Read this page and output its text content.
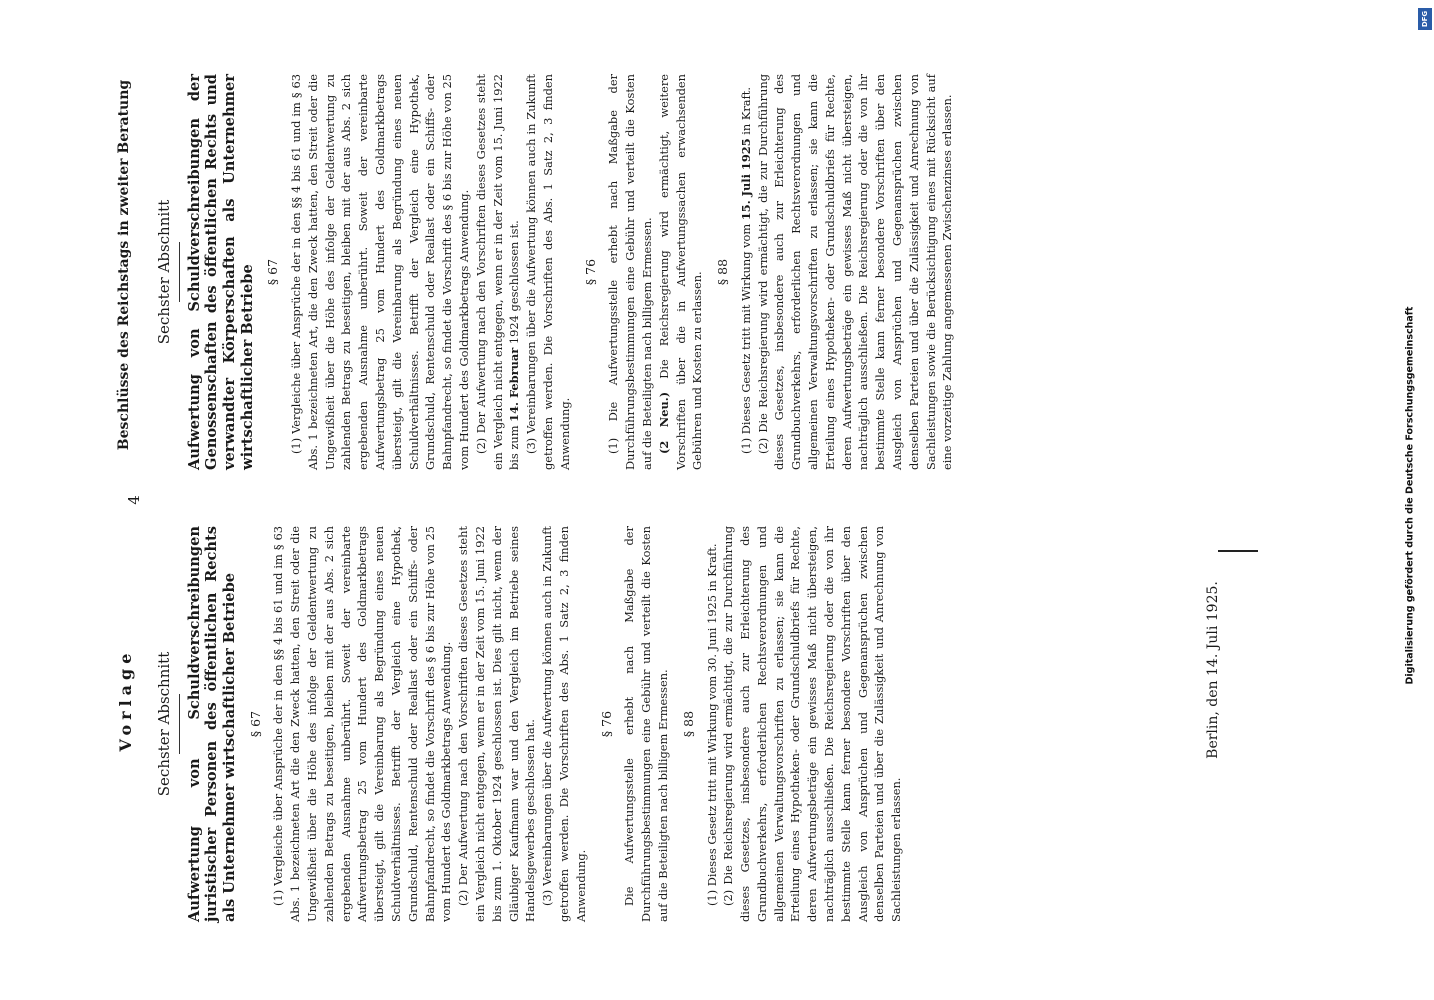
4
Vorlage
Beschlüsse des Reichstags in zweiter Beratung
Sechster Abschnitt Aufwertung von Schuldverschreibungen juristischer Personen des öffentlichen Rechts als Unternehmer wirtschaftlicher Betriebe § 67 (1) Vergleiche über Ansprüche der in den §§ 4 bis 61 und im § 63 Abs. 1 bezeichneten Art die den Zweck hatten, den Streit oder die Ungewißheit über die Höhe des infolge der Geldentwertung zu zahlenden Betrags zu beseitigen, bleiben mit der aus Abs. 2 sich ergebenden Ausnahme unberührt. Soweit der vereinbarte Aufwertungsbetrag 25 vom Hundert des Goldmarkbetrags übersteigt, gilt die Vereinbarung als Begründung eines neuen Schuldverhältnisses. Betrifft der Vergleich eine Hypothek, Grundschuld, Rentenschuld oder Reallast oder ein Schiffs- oder Bahnpfandrecht, so findet die Vorschrift des § 6 bis zur Höhe von 25 vom Hundert des Goldmarkbetrags Anwendung. (2) Der Aufwertung nach den Vorschriften dieses Gesetzes steht ein Vergleich nicht entgegen, wenn er in der Zeit vom 15. Juni 1922 bis zum 1. Oktober 1924 geschlossen ist. Dies gilt nicht, wenn der Gläubiger Kaufmann war und den Vergleich im Betriebe seines Handelsgewerbes geschlossen hat. (3) Vereinbarungen über die Aufwertung können auch in Zukunft getroffen werden. Die Vorschriften des Abs. 1 Satz 2, 3 finden Anwendung.

§ 76 Die Aufwertungsstelle erhebt nach Maßgabe der Durchführungsbestimmungen eine Gebühr und verteilt die Kosten auf die Beteiligten nach billigem Ermessen. § 88 (1) Dieses Gesetz tritt mit Wirkung vom 30. Juni 1925 in Kraft. (2) Die Reichsregierung wird ermächtigt, die zur Durchführung dieses Gesetzes, insbesondere auch zur Erleichterung des Grundbuchverkehrs, erforderlichen Rechtsverordnungen und allgemeinen Verwaltungsvorschriften zu erlassen; sie kann die Erteilung eines Hypotheken- oder Grundschuldbriefs für Rechte, deren Aufwertungsbeträge ein gewisses Maß nicht übersteigen, nachträglich ausschließen. Die Reichsregierung oder die von ihr bestimmte Stelle kann ferner besondere Vorschriften über den Ausgleich von Ansprüchen und Gegenansprüchen zwischen denselben Parteien und über die Zulässigkeit und Anrechnung von Sachleistungen erlassen.

Sechster Abschnitt Aufwertung von Schuldverschreibungen der Genossenschaften des öffentlichen Rechts und verwandter Körperschaften als Unternehmer wirtschaftlicher Betriebe § 67 (1) Vergleiche über Ansprüche der in den §§ 4 bis 61 und im § 63 Abs. 1 bezeichneten Art, die den Zweck hatten, den Streit oder die Ungewißheit über die Höhe des infolge der Geldentwertung zu zahlenden Betrags zu beseitigen, bleiben mit der aus Abs. 2 sich ergebenden Ausnahme unberührt. Soweit der vereinbarte Aufwertungsbetrag 25 vom Hundert des Goldmarkbetrags übersteigt, gilt die Vereinbarung als Begründung eines neuen Schuldverhältnisses. Betrifft der Vergleich eine Hypothek, Grundschuld, Rentenschuld oder Reallast oder ein Schiffs- oder Bahnpfandrecht, so findet die Vorschrift des § 6 bis zur Höhe von 25 vom Hundert des Goldmarkbetrags Anwendung. (2) Der Aufwertung nach den Vorschriften dieses Gesetzes steht ein Vergleich nicht entgegen, wenn er in der Zeit vom 15. Juni 1922 bis zum 14. Februar 1924 geschlossen ist. (3) Vereinbarungen über die Aufwertung können auch in Zukunft getroffen werden. Die Vorschriften des Abs. 1 Satz 2, 3 finden Anwendung.

§ 76 (1) Die Aufwertungsstelle erhebt nach Maßgabe der Durchführungsbestimmungen eine Gebühr und verteilt die Kosten auf die Beteiligten nach billigem Ermessen. (2 Neu.) Die Reichsregierung wird ermächtigt, weitere Vorschriften über die in Aufwertungssachen erwachsenden Gebühren und Kosten zu erlassen. § 88 (1) Dieses Gesetz tritt mit Wirkung vom 15. Juli 1925 in Kraft. (2) Die Reichsregierung wird ermächtigt, die zur Durchführung dieses Gesetzes, insbesondere auch zur Erleichterung des Grundbuchverkehrs, erforderlichen Rechtsverordnungen und allgemeinen Verwaltungsvorschriften zu erlassen; sie kann die Erteilung eines Hypotheken- oder Grundschuldbriefs für Rechte, deren Aufwertungsbeträge ein gewisses Maß nicht übersteigen, nachträglich ausschließen. Die Reichsregierung oder die von ihr bestimmte Stelle kann ferner besondere Vorschriften über den Ausgleich von Ansprüchen und Gegenansprüchen zwischen denselben Parteien und über die Zulässigkeit und Anrechnung von Sachleistungen sowie die Berücksichtigung eines mit Rücksicht auf eine vorzeitige Zahlung angemessenen Zwischenzinses erlassen.

Berlin, den 14. Juli 1925.	Digitalisierung gefördert durch die Deutsche Forschungsgemeinschaft
DFG
